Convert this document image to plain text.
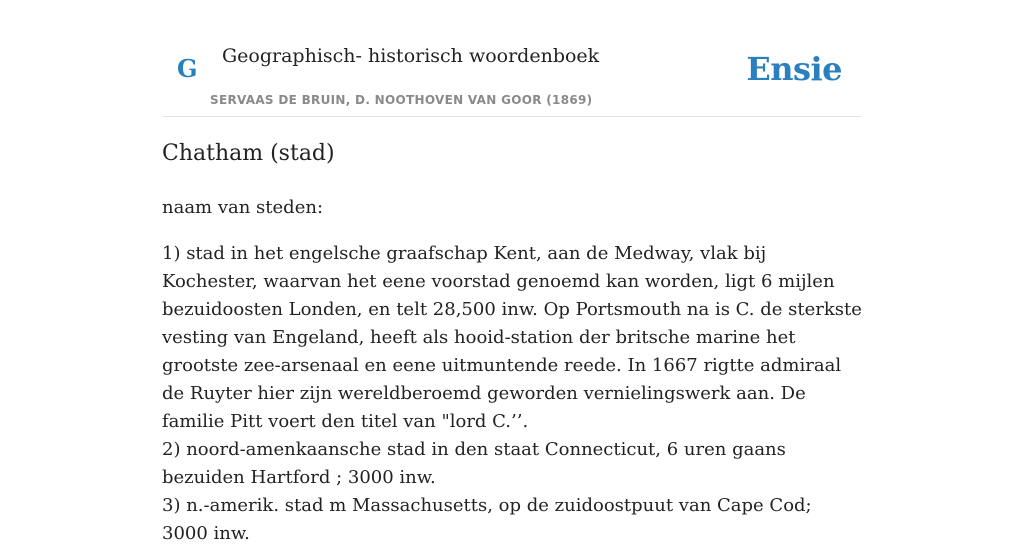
G Geographisch- historisch woordenboek
SERVAAS DE BRUIN, D. NOOTHOVEN VAN GOOR (1869)
Ensie
Chatham (stad)

naam van steden:

1) stad in het engelsche graafschap Kent, aan de Medway, vlak bij Kochester, waarvan het eene voorstad genoemd kan worden, ligt 6 mijlen bezuidoosten Londen, en telt 28,500 inw. Op Portsmouth na is C. de sterkste vesting van Engeland, heeft als hooid-station der britsche marine het grootste zee-arsenaal en eene uitmuntende reede. In 1667 rigtte admiraal de Ruyter hier zijn wereldberoemd geworden vernielingswerk aan. De familie Pitt voert den titel van "lord C.’’.
2) noord-amenkaansche stad in den staat Connecticut, 6 uren gaans bezuiden Hartford ; 3000 inw.
3) n.-amerik. stad m Massachusetts, op de zuidoostpuut van Cape Cod; 3000 inw.
